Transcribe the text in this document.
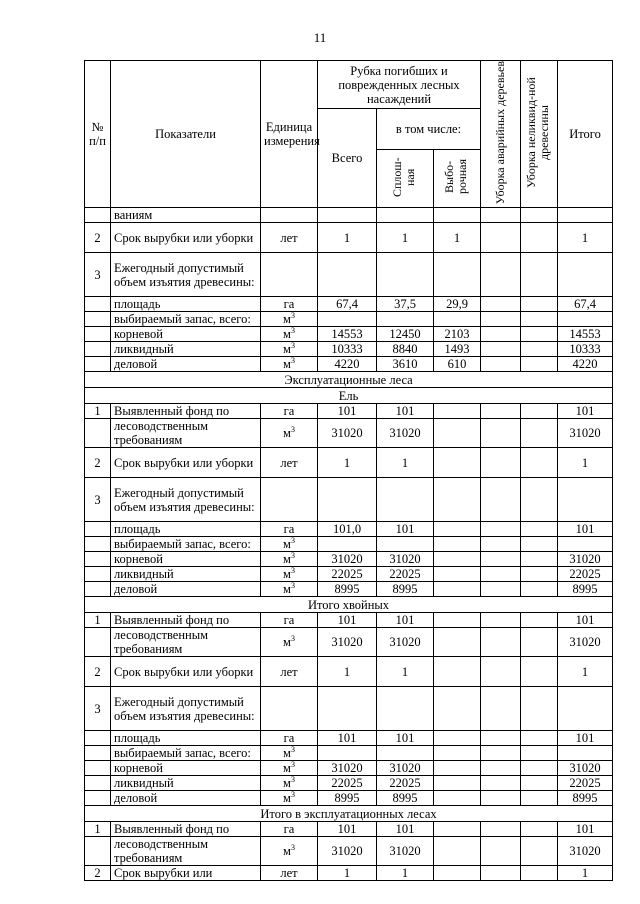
11
№ п/п	Показатели	Единица измерения	Рубка погибших и поврежденных лесных насаждений			Уборка аварийных деревьев	Уборка неликвид-ной древесины	Итого
			Всего	в том числе:				
				Сплош-ная	Выбо-рочная			
	ваниям							
2	Срок вырубки или уборки	лет	1	1	1			1
3	Ежегодный допустимый объем изъятия древесины:							
	площадь	га	67,4	37,5	29,9			67,4
	выбираемый запас, всего:	$м^3$						
	корневой	$м^3$	14553	12450	2103			14553
	ликвидный	$м^3$	10333	8840	1493			10333
	деловой	$м^3$	4220	3610	610			4220
Эксплуатационные леса								
Ель								
1	Выявленный фонд по	га	101	101				101
	лесоводственным требованиям	$м^3$	31020	31020				31020
2	Срок вырубки или уборки	лет	1	1				1
3	Ежегодный допустимый объем изъятия древесины:							
	площадь	га	101,0	101				101
	выбираемый запас, всего:	$м^3$						
	корневой	$м^3$	31020	31020				31020
	ликвидный	$м^3$	22025	22025				22025
	деловой	$м^3$	8995	8995				8995
Итого хвойных								
1	Выявленный фонд по	га	101	101				101
	лесоводственным требованиям	$м^3$	31020	31020				31020
2	Срок вырубки или уборки	лет	1	1				1
3	Ежегодный допустимый объем изъятия древесины:							
	площадь	га	101	101				101
	выбираемый запас, всего:	$м^3$						
	корневой	$м^3$	31020	31020				31020
	ликвидный	$м^3$	22025	22025				22025
	деловой	$м^3$	8995	8995				8995
Итого в эксплуатационных лесах								
1	Выявленный фонд по	га	101	101				101
	лесоводственным требованиям	$м^3$	31020	31020				31020
2	Срок вырубки или	лет	1	1				1
